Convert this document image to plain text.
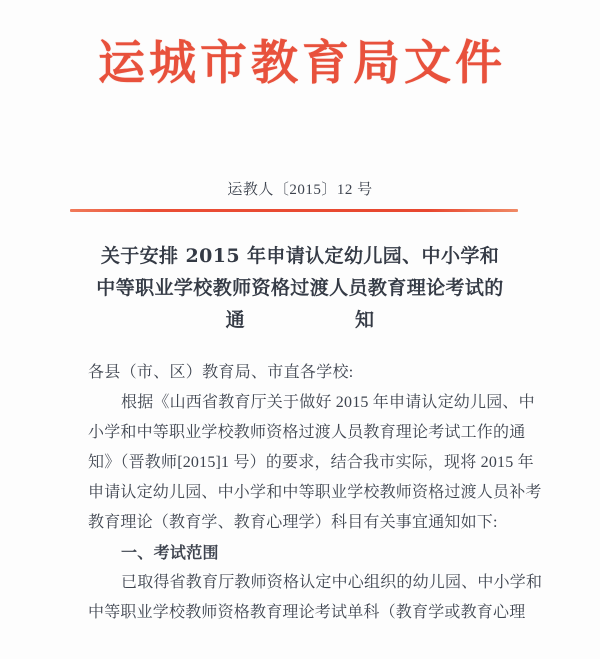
运城市教育局文件
运教人〔2015〕12 号
关于安排 2015 年申请认定幼儿园、中小学和
中等职业学校教师资格过渡人员教育理论考试的
通	知
各县（市、区）教育局、市直各学校:
根据《山西省教育厅关于做好 2015 年申请认定幼儿园、中
小学和中等职业学校教师资格过渡人员教育理论考试工作的通
知》（晋教师[2015]1 号）的要求，结合我市实际，现将 2015 年
申请认定幼儿园、中小学和中等职业学校教师资格过渡人员补考
教育理论（教育学、教育心理学）科目有关事宜通知如下:
一、考试范围
已取得省教育厅教师资格认定中心组织的幼儿园、中小学和
中等职业学校教师资格教育理论考试单科（教育学或教育心理
